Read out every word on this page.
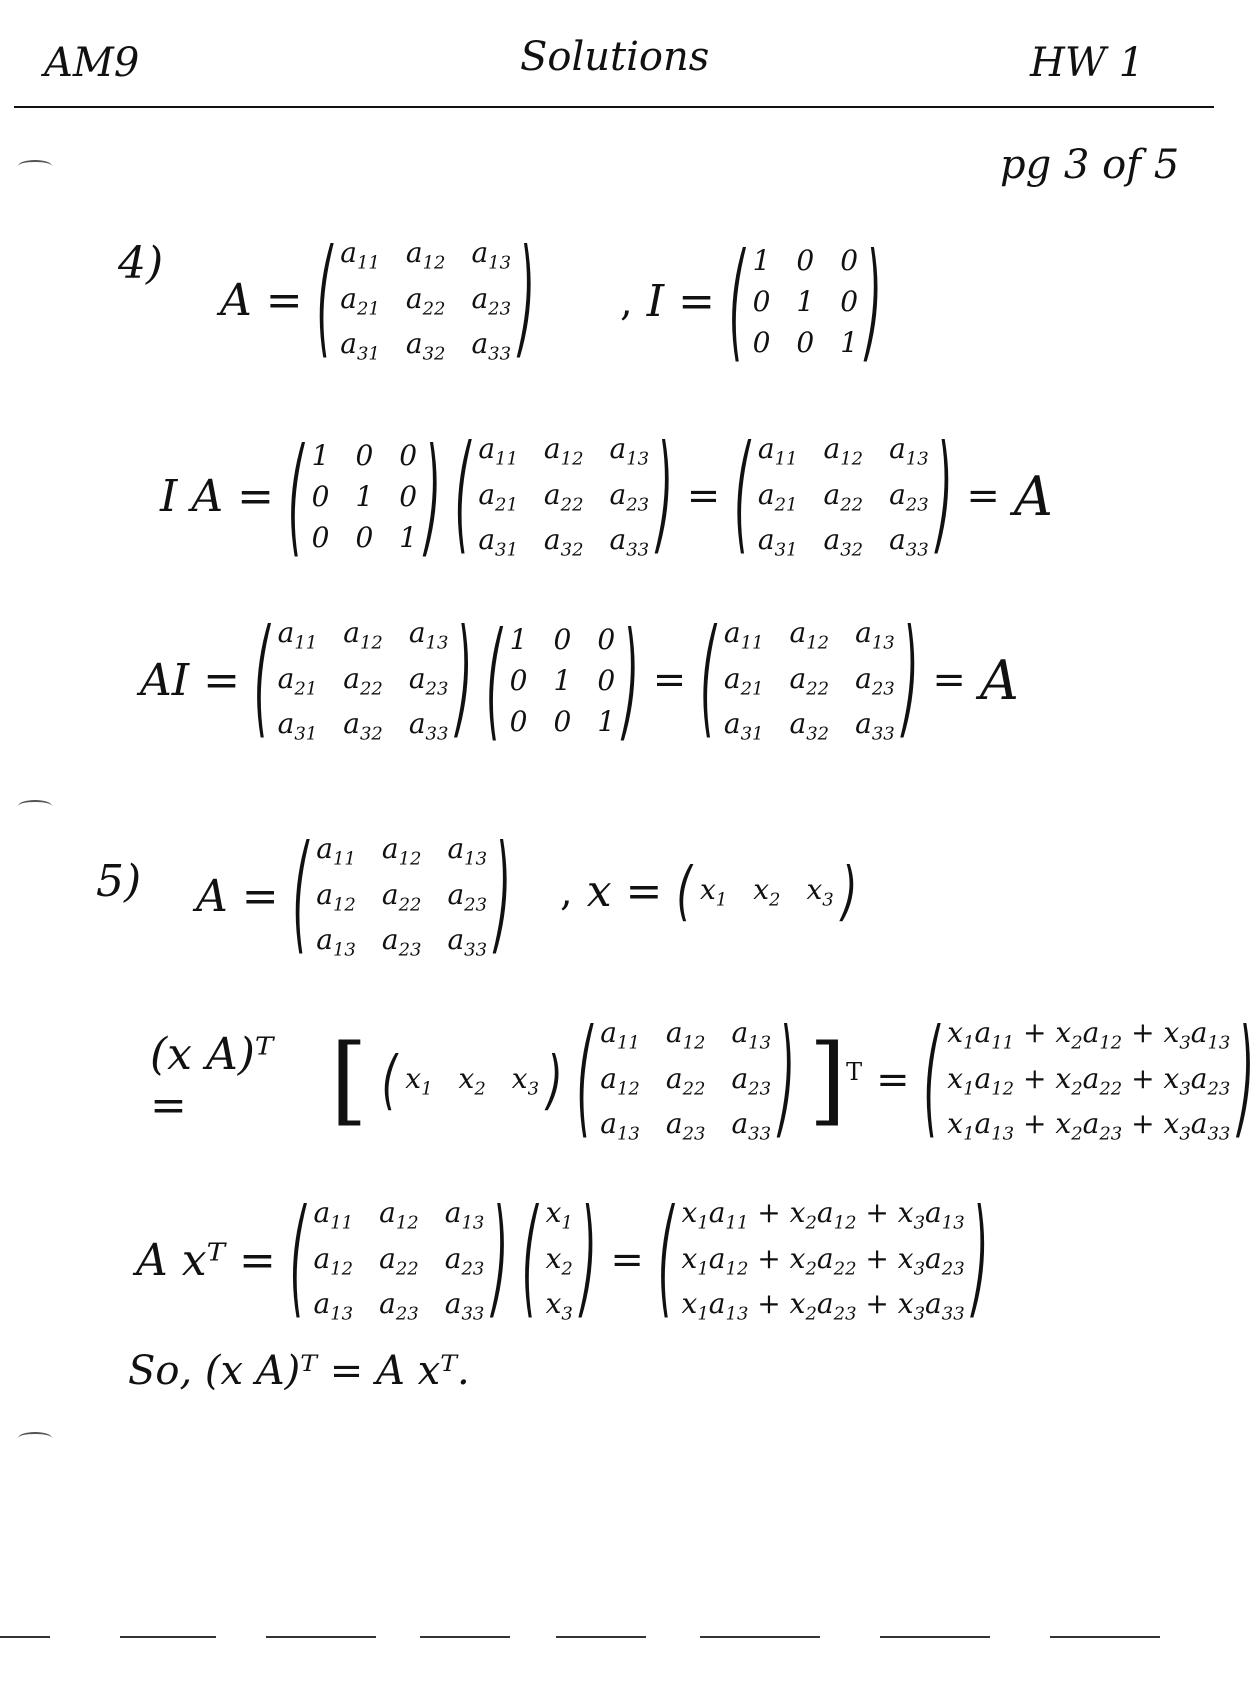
AM9	Solutions	HW 1
pg 3 of 5
4)
A = ( $a_{11}$ $a_{12}$ $a_{13}$
$a_{21}$ $a_{22}$ $a_{23}$
$a_{31}$ $a_{32}$ $a_{33}$ ) , I = ( 1 0 0
0 1 0
0 0 1 )
I A = ( 1 0 0
0 1 0
0 0 1 ) ( $a_{11}$ $a_{12}$ $a_{13}$
$a_{21}$ $a_{22}$ $a_{23}$
$a_{31}$ $a_{32}$ $a_{33}$ ) = ( $a_{11}$ $a_{12}$ $a_{13}$
$a_{21}$ $a_{22}$ $a_{23}$
$a_{31}$ $a_{32}$ $a_{33}$ ) = A
AI = ( $a_{11}$ $a_{12}$ $a_{13}$
$a_{21}$ $a_{22}$ $a_{23}$
$a_{31}$ $a_{32}$ $a_{33}$ ) ( 1 0 0
0 1 0
0 0 1 ) = ( $a_{11}$ $a_{12}$ $a_{13}$
$a_{21}$ $a_{22}$ $a_{23}$
$a_{31}$ $a_{32}$ $a_{33}$ ) = A
5) A = ( $a_{11}$ $a_{12}$ $a_{13}$
$a_{12}$ $a_{22}$ $a_{23}$
$a_{13}$ $a_{23}$ $a_{33}$ ) , x = ( $x_1$ $x_2$ $x_3$ )
(x A)ᵀ =	[ ( $x_1$ $x_2$ $x_3$ ) ( $a_{11}$ $a_{12}$ $a_{13}$
$a_{12}$ $a_{22}$ $a_{23}$
$a_{13}$ $a_{23}$ $a_{33}$ ) ]$^T$ = ( $x_1a_{11} + x_2a_{12} + x_3a_{13}$
$x_1a_{12} + x_2a_{22} + x_3a_{23}$
$x_1a_{13} + x_2a_{23} + x_3a_{33}$ )
A xᵀ = ( $a_{11}$ $a_{12}$ $a_{13}$
$a_{12}$ $a_{22}$ $a_{23}$
$a_{13}$ $a_{23}$ $a_{33}$ ) ( $x_1$
$x_2$
$x_3$ ) = ( $x_1a_{11} + x_2a_{12} + x_3a_{13}$
$x_1a_{12} + x_2a_{22} + x_3a_{23}$
$x_1a_{13} + x_2a_{23} + x_3a_{33}$ )
So, (x A)ᵀ = A xᵀ.
